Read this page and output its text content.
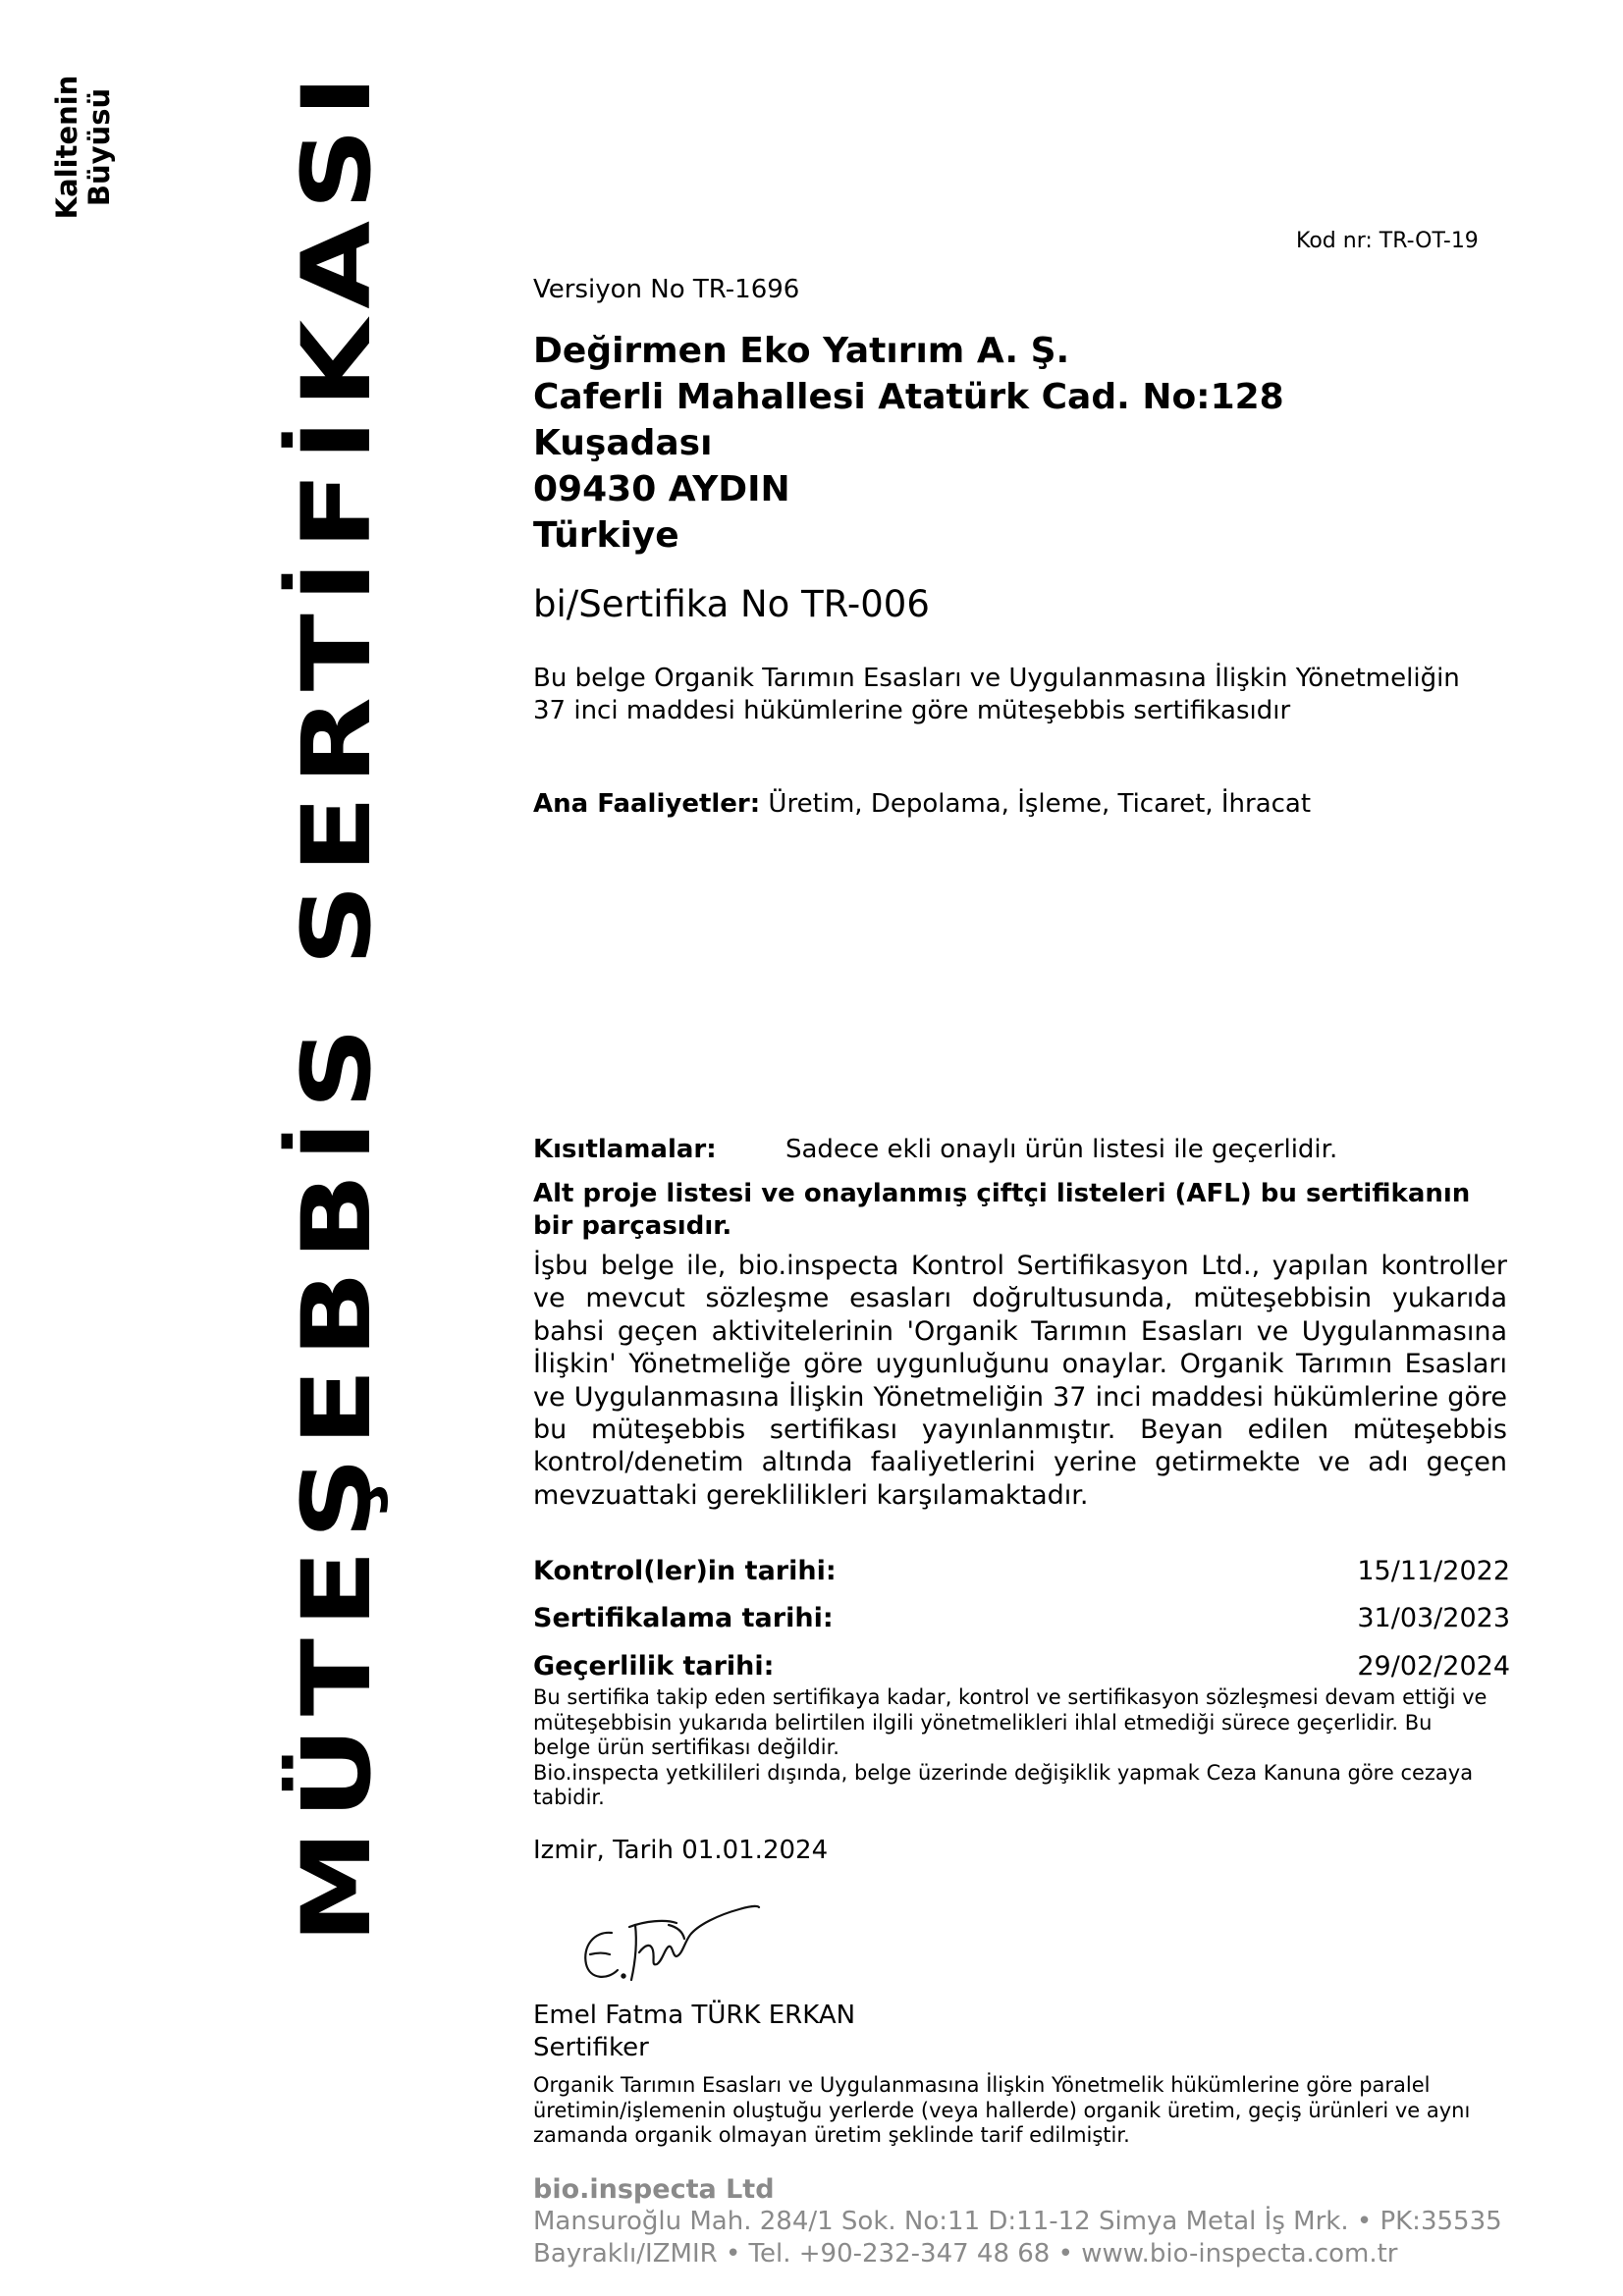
Kalitenin Büyüsü MÜTEŞEBBİS SERTİFİKASI	Kod nr: TR-OT-19
Versiyon No TR-1696
Değirmen Eko Yatırım A. Ş.
Caferli Mahallesi Atatürk Cad. No:128
Kuşadası
09430 AYDIN
Türkiye
bi/Sertifika No TR-006
Bu belge Organik Tarımın Esasları ve Uygulanmasına İlişkin Yönetmeliğin 37 inci maddesi hükümlerine göre müteşebbis sertifikasıdır
Ana Faaliyetler: Üretim, Depolama, İşleme, Ticaret, İhracat
Kısıtlamalar:	Sadece ekli onaylı ürün listesi ile geçerlidir.
Alt proje listesi ve onaylanmış çiftçi listeleri (AFL) bu sertifikanın bir parçasıdır.
İşbu belge ile, bio.inspecta Kontrol Sertifikasyon Ltd., yapılan kontroller ve mevcut sözleşme esasları doğrultusunda, müteşebbisin yukarıda bahsi geçen aktivitelerinin 'Organik Tarımın Esasları ve Uygulanmasına İlişkin' Yönetmeliğe göre uygunluğunu onaylar. Organik Tarımın Esasları ve Uygulanmasına İlişkin Yönetmeliğin 37 inci maddesi hükümlerine göre bu müteşebbis sertifikası yayınlanmıştır. Beyan edilen müteşebbis kontrol/denetim altında faaliyetlerini yerine getirmekte ve adı geçen mevzuattaki gereklilikleri karşılamaktadır.
Kontrol(ler)in tarihi:	15/11/2022
Sertifikalama tarihi:	31/03/2023
Geçerlilik tarihi:	29/02/2024
Bu sertifika takip eden sertifikaya kadar, kontrol ve sertifikasyon sözleşmesi devam ettiği ve müteşebbisin yukarıda belirtilen ilgili yönetmelikleri ihlal etmediği sürece geçerlidir. Bu belge ürün sertifikası değildir.
Bio.inspecta yetkilileri dışında, belge üzerinde değişiklik yapmak Ceza Kanuna göre cezaya tabidir.
Izmir, Tarih 01.01.2024
Emel Fatma TÜRK ERKAN
Sertifiker
Organik Tarımın Esasları ve Uygulanmasına İlişkin Yönetmelik hükümlerine göre paralel üretimin/işlemenin oluştuğu yerlerde (veya hallerde) organik üretim, geçiş ürünleri ve aynı zamanda organik olmayan üretim şeklinde tarif edilmiştir.
bio.inspecta Ltd
Mansuroğlu Mah. 284/1 Sok. No:11 D:11-12 Simya Metal İş Mrk. • PK:35535
Bayraklı/IZMIR • Tel. +90-232-347 48 68 • www.bio-inspecta.com.tr
